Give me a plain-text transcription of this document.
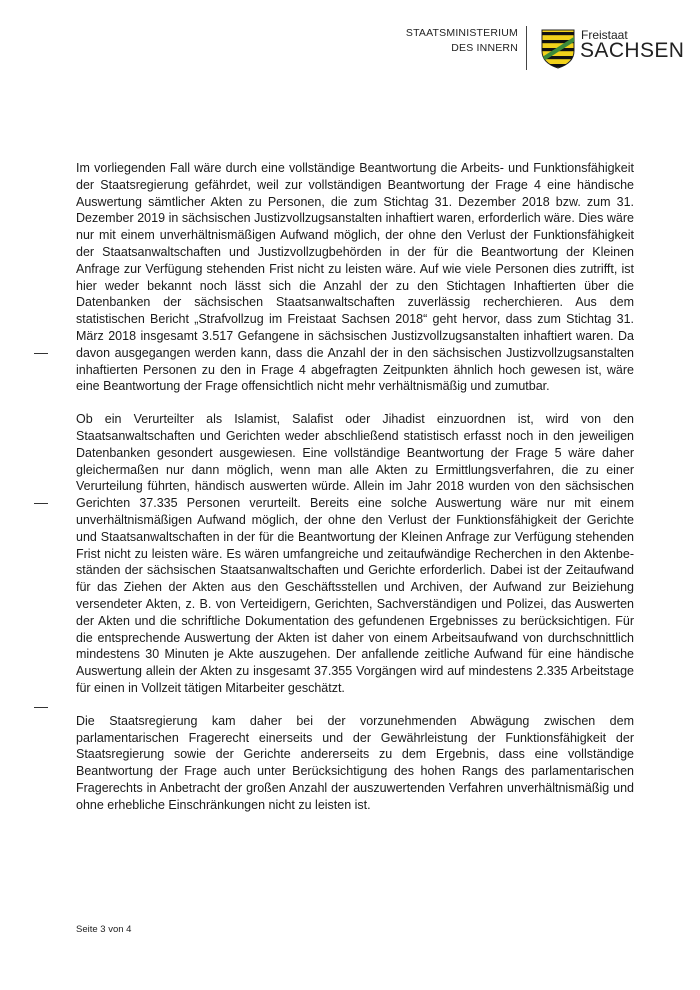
STAATSMINISTERIUM
DES INNERN
Freistaat
SACHSEN

Im vorliegenden Fall wäre durch eine vollständige Beantwortung die Arbeits- und Funktionsfähigkeit der Staatsregierung gefährdet, weil zur vollständigen Beantwortung der Frage 4 eine händische Auswertung sämtlicher Akten zu Personen, die zum Stichtag 31. Dezember 2018 bzw. zum 31. Dezember 2019 in sächsischen Justizvollzugsanstalten inhaftiert waren, erforderlich wäre. Dies wäre nur mit einem unverhältnismäßigen Aufwand möglich, der ohne den Verlust der Funktionsfähigkeit der Staatsanwaltschaften und Justizvollzugbehörden in der für die Beantwortung der Kleinen Anfrage zur Verfügung stehenden Frist nicht zu leisten wäre. Auf wie viele Personen dies zutrifft, ist hier weder bekannt noch lässt sich die Anzahl der zu den Stichtagen Inhaftierten über die Datenbanken der sächsischen Staatsanwaltschaften zuverlässig recherchieren. Aus dem statistischen Bericht „Strafvollzug im Freistaat Sachsen 2018“ geht hervor, dass zum Stichtag 31. März 2018 insgesamt 3.517 Gefangene in sächsischen Justizvollzugsanstalten inhaftiert waren. Da davon ausgegangen werden kann, dass die Anzahl der in den sächsischen Justizvollzugsanstalten inhaftierten Personen zu den in Frage 4 abgefragten Zeitpunkten ähnlich hoch gewesen ist, wäre eine Beantwortung der Frage offensichtlich nicht mehr verhältnismäßig und zumutbar.

Ob ein Verurteilter als Islamist, Salafist oder Jihadist einzuordnen ist, wird von den Staatsanwaltschaften und Gerichten weder abschließend statistisch erfasst noch in den jeweiligen Datenbanken gesondert ausgewiesen. Eine vollständige Beantwortung der Frage 5 wäre daher gleichermaßen nur dann möglich, wenn man alle Akten zu Ermittlungsverfahren, die zu einer Verurteilung führten, händisch auswerten würde. Allein im Jahr 2018 wurden von den sächsischen Gerichten 37.335 Personen verurteilt. Bereits eine solche Auswertung wäre nur mit einem unverhältnismäßigen Aufwand möglich, der ohne den Verlust der Funktionsfähigkeit der Gerichte und Staatsanwaltschaften in der für die Beantwortung der Kleinen Anfrage zur Verfügung stehenden Frist nicht zu leisten wäre. Es wären umfangreiche und zeitaufwändige Recherchen in den Aktenbeständen der sächsischen Staatsanwaltschaften und Gerichte erforderlich. Dabei ist der Zeitaufwand für das Ziehen der Akten aus den Geschäftsstellen und Archiven, der Aufwand zur Beiziehung versendeter Akten, z. B. von Verteidigern, Gerichten, Sachverständigen und Polizei, das Auswerten der Akten und die schriftliche Dokumentation des gefundenen Ergebnisses zu berücksichtigen. Für die entsprechende Auswertung der Akten ist daher von einem Arbeitsaufwand von durchschnittlich mindestens 30 Minuten je Akte auszugehen. Der anfallende zeitliche Aufwand für eine händische Auswertung allein der Akten zu insgesamt 37.355 Vorgängen wird auf mindestens 2.335 Arbeitstage für einen in Vollzeit tätigen Mitarbeiter geschätzt.

Die Staatsregierung kam daher bei der vorzunehmenden Abwägung zwischen dem parlamentarischen Fragerecht einerseits und der Gewährleistung der Funktionsfähigkeit der Staatsregierung sowie der Gerichte andererseits zu dem Ergebnis, dass eine vollständige Beantwortung der Frage auch unter Berücksichtigung des hohen Rangs des parlamentarischen Fragerechts in Anbetracht der großen Anzahl der auszuwertenden Verfahren unverhältnismäßig und ohne erhebliche Einschränkungen nicht zu leisten ist.

Seite 3 von 4
